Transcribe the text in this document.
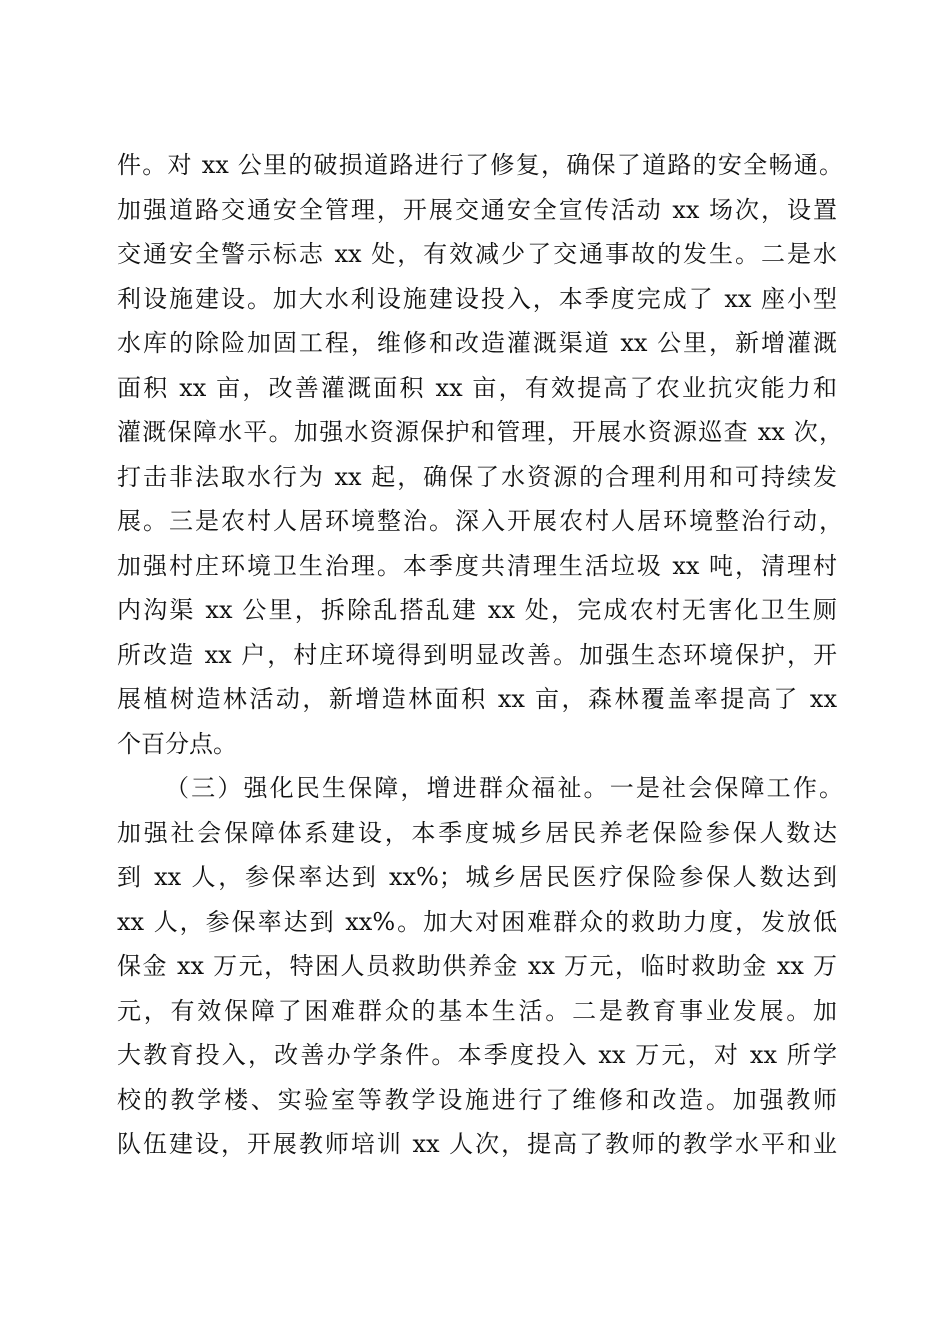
件。对 xx 公里的破损道路进行了修复，确保了道路的安全畅通。
加强道路交通安全管理，开展交通安全宣传活动 xx 场次，设置
交通安全警示标志 xx 处，有效减少了交通事故的发生。二是水
利设施建设。加大水利设施建设投入，本季度完成了 xx 座小型
水库的除险加固工程，维修和改造灌溉渠道 xx 公里，新增灌溉
面积 xx 亩，改善灌溉面积 xx 亩，有效提高了农业抗灾能力和
灌溉保障水平。加强水资源保护和管理，开展水资源巡查 xx 次，
打击非法取水行为 xx 起，确保了水资源的合理利用和可持续发
展。三是农村人居环境整治。深入开展农村人居环境整治行动，
加强村庄环境卫生治理。本季度共清理生活垃圾 xx 吨，清理村
内沟渠 xx 公里，拆除乱搭乱建 xx 处，完成农村无害化卫生厕
所改造 xx 户，村庄环境得到明显改善。加强生态环境保护，开
展植树造林活动，新增造林面积 xx 亩，森林覆盖率提高了 xx
个百分点。
（三）强化民生保障，增进群众福祉。一是社会保障工作。
加强社会保障体系建设，本季度城乡居民养老保险参保人数达
到 xx 人，参保率达到 xx%；城乡居民医疗保险参保人数达到
xx 人，参保率达到 xx%。加大对困难群众的救助力度，发放低
保金 xx 万元，特困人员救助供养金 xx 万元，临时救助金 xx 万
元，有效保障了困难群众的基本生活。二是教育事业发展。加
大教育投入，改善办学条件。本季度投入 xx 万元，对 xx 所学
校的教学楼、实验室等教学设施进行了维修和改造。加强教师
队伍建设，开展教师培训 xx 人次，提高了教师的教学水平和业
